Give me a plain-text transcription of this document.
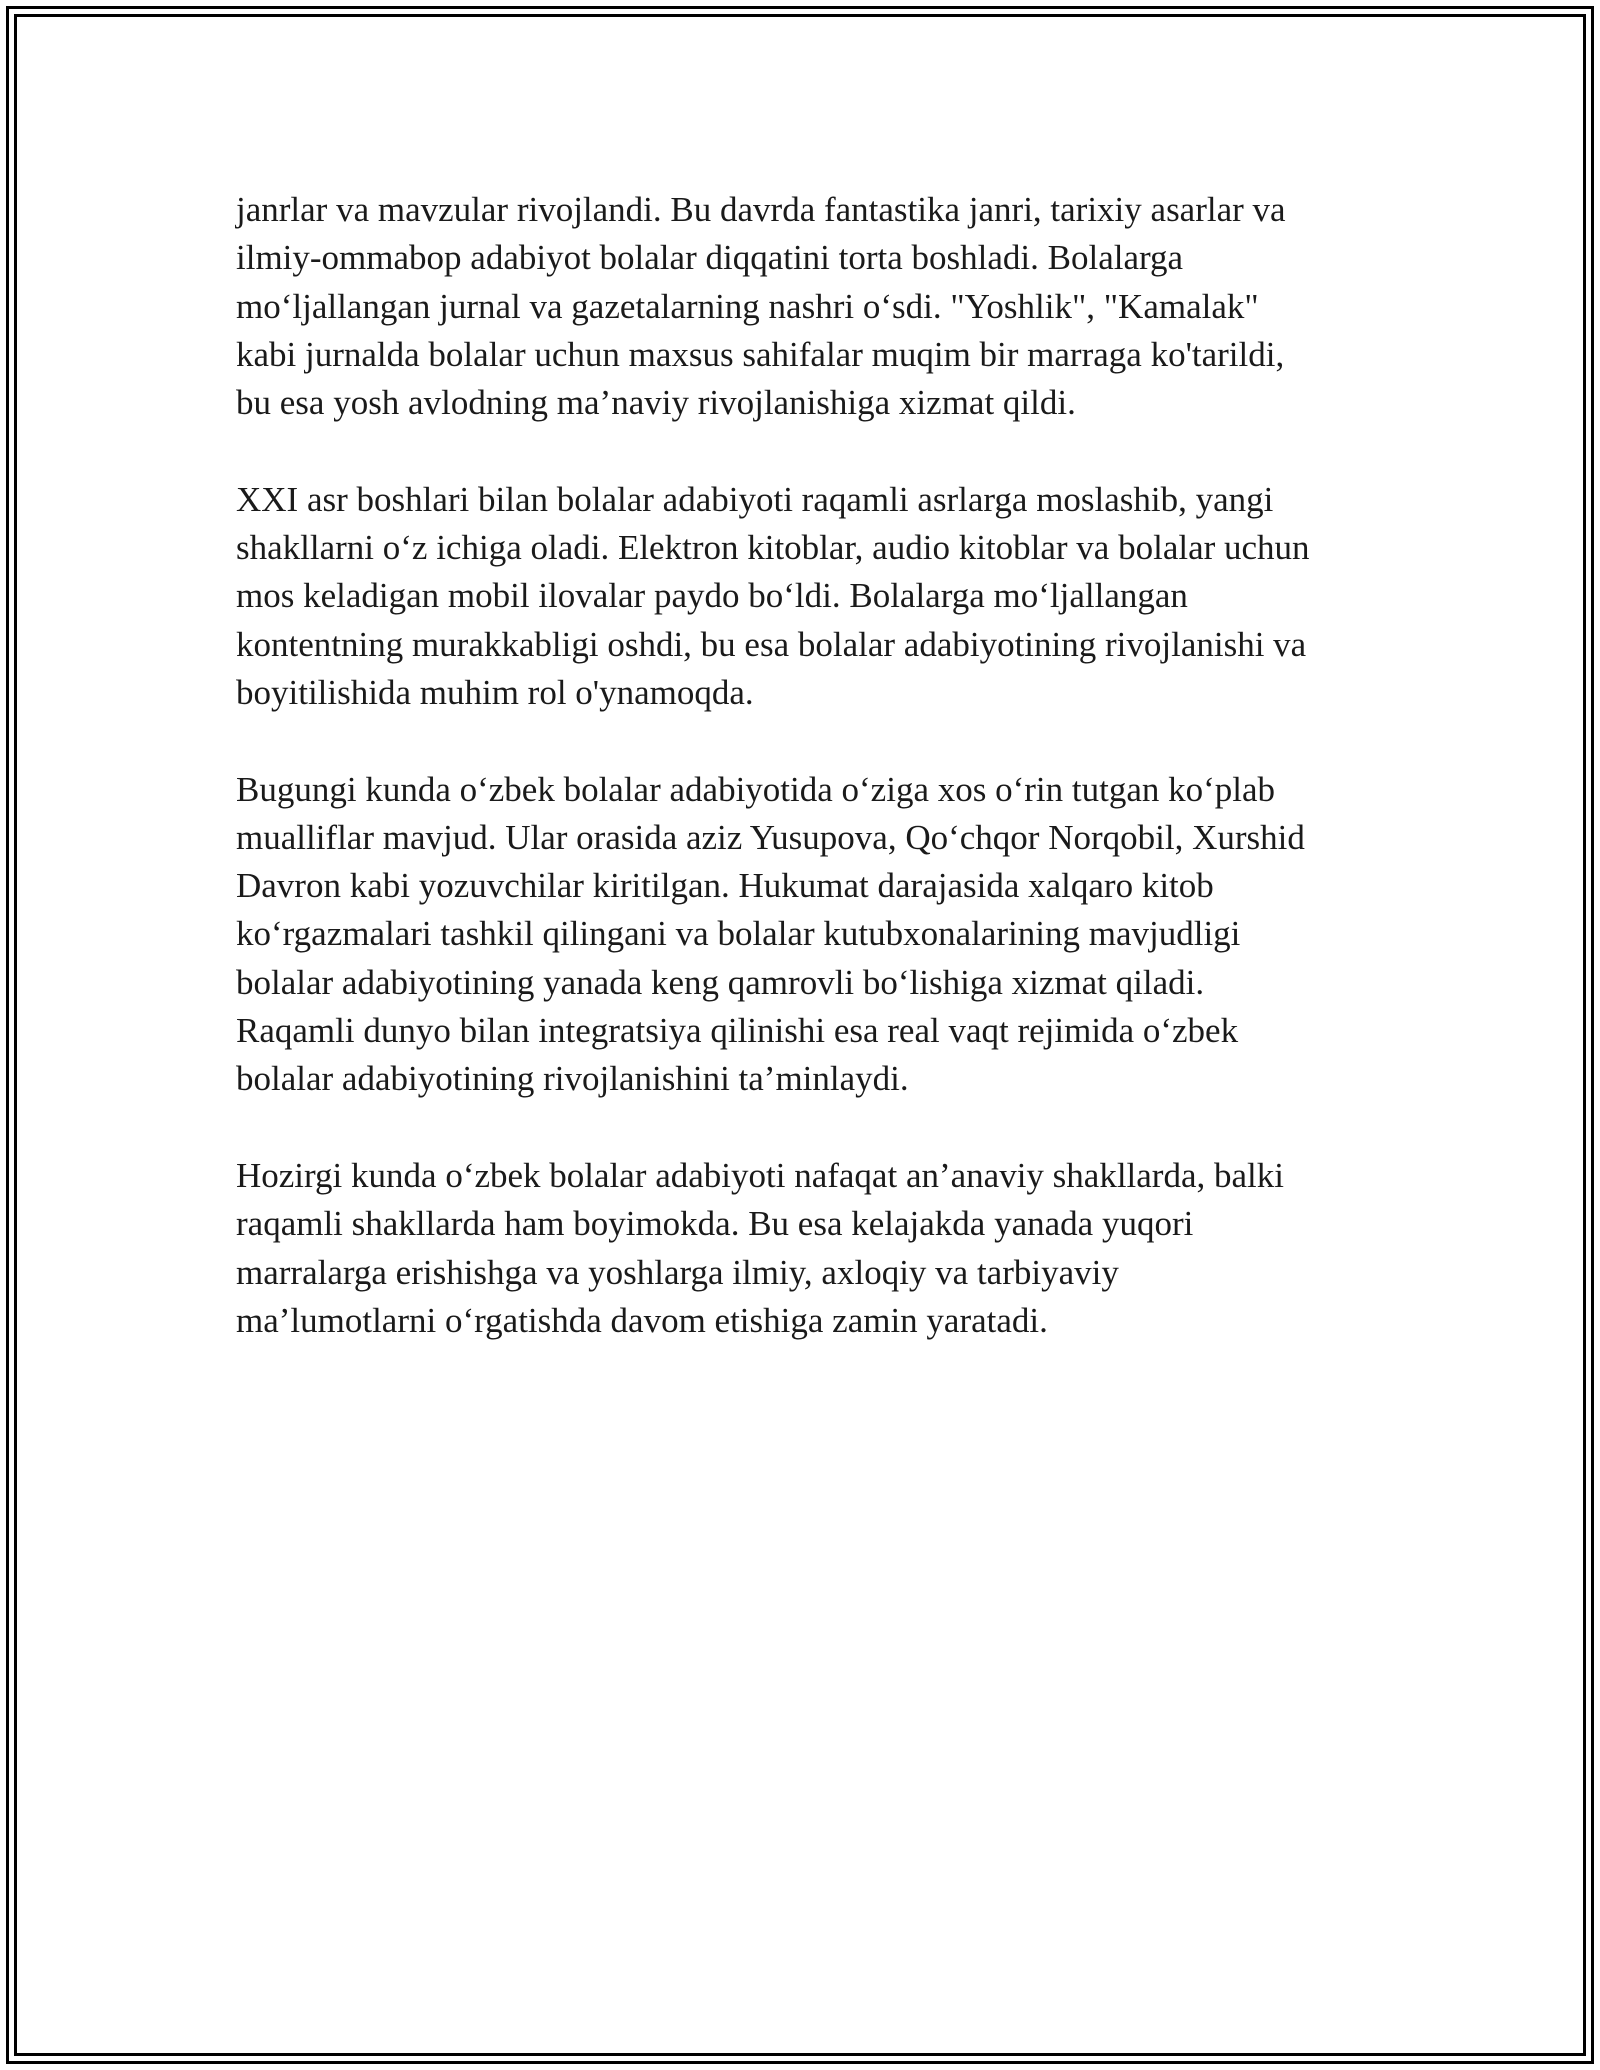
janrlar va mavzular rivojlandi. Bu davrda fantastika janri, tarixiy asarlar va
ilmiy-ommabop adabiyot bolalar diqqatini torta boshladi. Bolalarga
mo‘ljallangan jurnal va gazetalarning nashri o‘sdi. "Yoshlik", "Kamalak"
kabi jurnalda bolalar uchun maxsus sahifalar muqim bir marraga ko'tarildi,
bu esa yosh avlodning ma’naviy rivojlanishiga xizmat qildi.

XXI asr boshlari bilan bolalar adabiyoti raqamli asrlarga moslashib, yangi
shakllarni o‘z ichiga oladi. Elektron kitoblar, audio kitoblar va bolalar uchun
mos keladigan mobil ilovalar paydo bo‘ldi. Bolalarga mo‘ljallangan
kontentning murakkabligi oshdi, bu esa bolalar adabiyotining rivojlanishi va
boyitilishida muhim rol o'ynamoqda.

Bugungi kunda o‘zbek bolalar adabiyotida o‘ziga xos o‘rin tutgan ko‘plab
mualliflar mavjud. Ular orasida aziz Yusupova, Qo‘chqor Norqobil, Xurshid
Davron kabi yozuvchilar kiritilgan. Hukumat darajasida xalqaro kitob
ko‘rgazmalari tashkil qilingani va bolalar kutubxonalarining mavjudligi
bolalar adabiyotining yanada keng qamrovli bo‘lishiga xizmat qiladi.
Raqamli dunyo bilan integratsiya qilinishi esa real vaqt rejimida o‘zbek
bolalar adabiyotining rivojlanishini ta’minlaydi.

Hozirgi kunda o‘zbek bolalar adabiyoti nafaqat an’anaviy shakllarda, balki
raqamli shakllarda ham boyimokda. Bu esa kelajakda yanada yuqori
marralarga erishishga va yoshlarga ilmiy, axloqiy va tarbiyaviy
ma’lumotlarni o‘rgatishda davom etishiga zamin yaratadi.
